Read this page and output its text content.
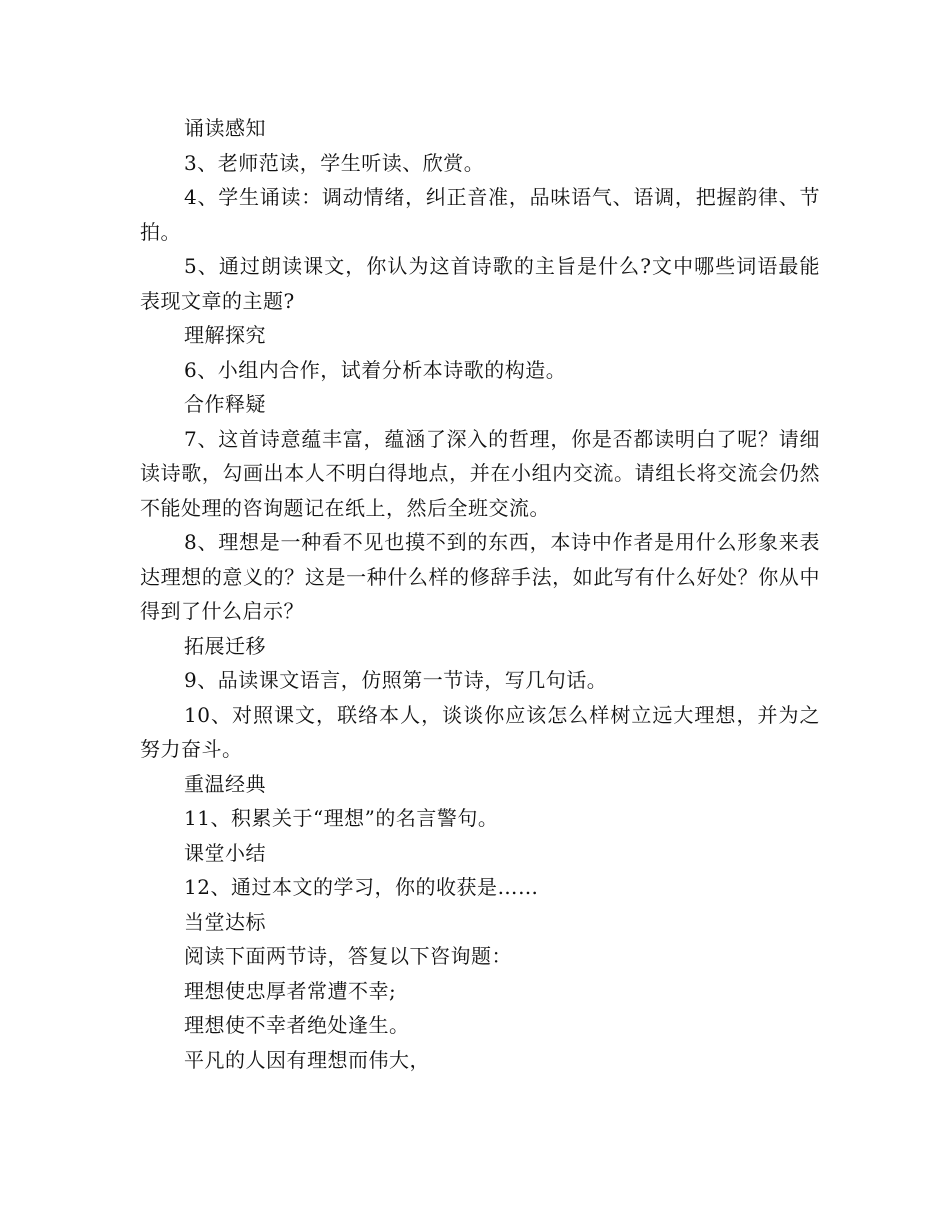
诵读感知

3、老师范读，学生听读、欣赏。

4、学生诵读：调动情绪，纠正音准，品味语气、语调，把握韵律、节拍。

5、通过朗读课文，你认为这首诗歌的主旨是什么?文中哪些词语最能表现文章的主题?

理解探究

6、小组内合作，试着分析本诗歌的构造。

合作释疑

7、这首诗意蕴丰富，蕴涵了深入的哲理，你是否都读明白了呢？请细读诗歌，勾画出本人不明白得地点，并在小组内交流。请组长将交流会仍然不能处理的咨询题记在纸上，然后全班交流。

8、理想是一种看不见也摸不到的东西，本诗中作者是用什么形象来表达理想的意义的？这是一种什么样的修辞手法，如此写有什么好处？你从中得到了什么启示？

拓展迁移

9、品读课文语言，仿照第一节诗，写几句话。

10、对照课文，联络本人，谈谈你应该怎么样树立远大理想，并为之努力奋斗。

重温经典

11、积累关于“理想”的名言警句。

课堂小结

12、通过本文的学习，你的收获是……

当堂达标

阅读下面两节诗，答复以下咨询题：

理想使忠厚者常遭不幸;

理想使不幸者绝处逢生。

平凡的人因有理想而伟大，
